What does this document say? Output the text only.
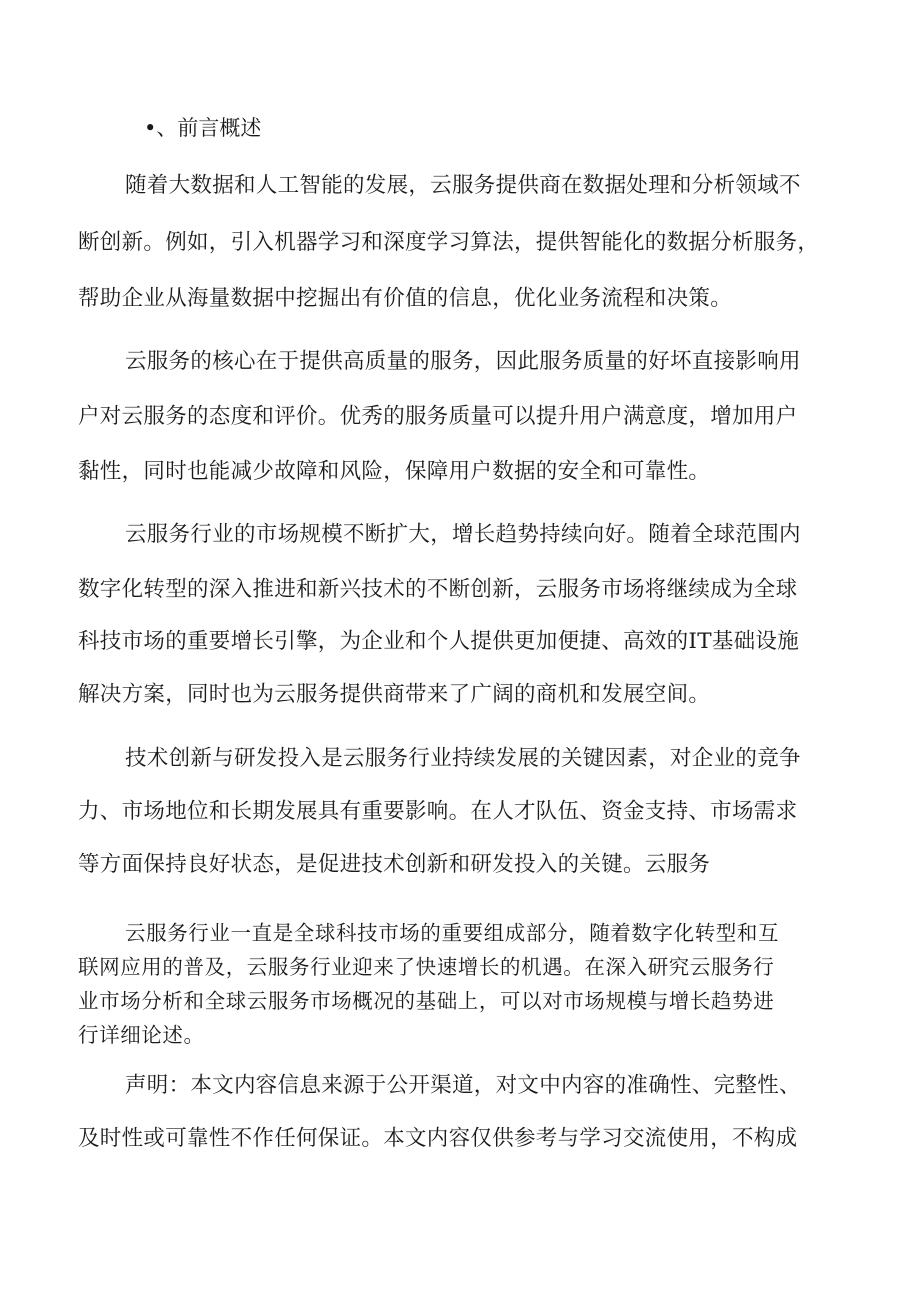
•、前言概述
随着大数据和人工智能的发展，云服务提供商在数据处理和分析领域不
断创新。例如，引入机器学习和深度学习算法，提供智能化的数据分析服务，
帮助企业从海量数据中挖掘出有价值的信息，优化业务流程和决策。
云服务的核心在于提供高质量的服务，因此服务质量的好坏直接影响用
户对云服务的态度和评价。优秀的服务质量可以提升用户满意度，增加用户
黏性，同时也能减少故障和风险，保障用户数据的安全和可靠性。
云服务行业的市场规模不断扩大，增长趋势持续向好。随着全球范围内
数字化转型的深入推进和新兴技术的不断创新，云服务市场将继续成为全球
科技市场的重要增长引擎，为企业和个人提供更加便捷、高效的IT基础设施
解决方案，同时也为云服务提供商带来了广阔的商机和发展空间。
技术创新与研发投入是云服务行业持续发展的关键因素，对企业的竞争
力、市场地位和长期发展具有重要影响。在人才队伍、资金支持、市场需求
等方面保持良好状态，是促进技术创新和研发投入的关键。云服务
云服务行业一直是全球科技市场的重要组成部分，随着数字化转型和互
联网应用的普及，云服务行业迎来了快速增长的机遇。在深入研究云服务行
业市场分析和全球云服务市场概况的基础上，可以对市场规模与增长趋势进
行详细论述。
声明：本文内容信息来源于公开渠道，对文中内容的准确性、完整性、
及时性或可靠性不作任何保证。本文内容仅供参考与学习交流使用，不构成
